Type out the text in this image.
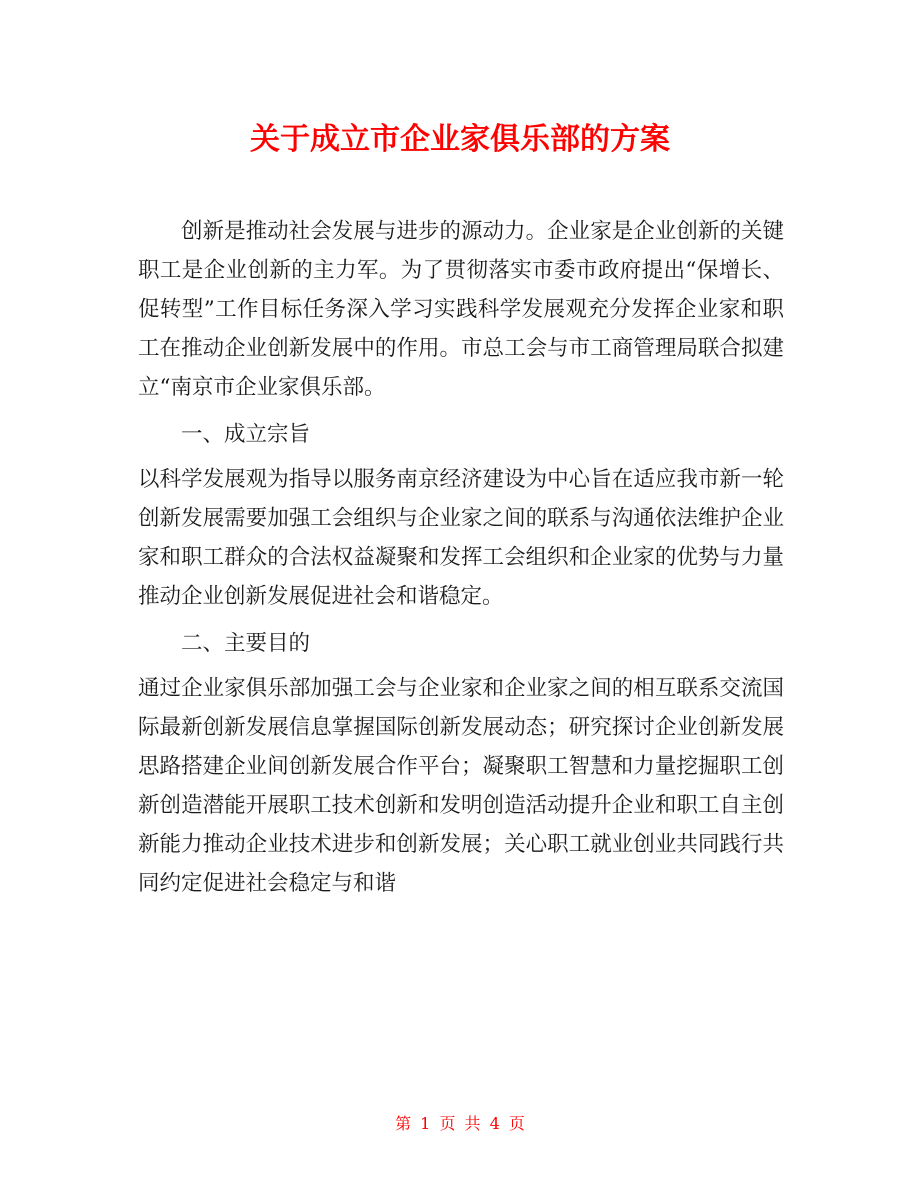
关于成立市企业家俱乐部的方案

创新是推动社会发展与进步的源动力。企业家是企业创新的关键职工是企业创新的主力军。为了贯彻落实市委市政府提出“保增长、促转型”工作目标任务深入学习实践科学发展观充分发挥企业家和职工在推动企业创新发展中的作用。市总工会与市工商管理局联合拟建立“南京市企业家俱乐部。

一、成立宗旨

以科学发展观为指导以服务南京经济建设为中心旨在适应我市新一轮创新发展需要加强工会组织与企业家之间的联系与沟通依法维护企业家和职工群众的合法权益凝聚和发挥工会组织和企业家的优势与力量推动企业创新发展促进社会和谐稳定。

二、主要目的

通过企业家俱乐部加强工会与企业家和企业家之间的相互联系交流国际最新创新发展信息掌握国际创新发展动态；研究探讨企业创新发展思路搭建企业间创新发展合作平台；凝聚职工智慧和力量挖掘职工创新创造潜能开展职工技术创新和发明创造活动提升企业和职工自主创新能力推动企业技术进步和创新发展；关心职工就业创业共同践行共同约定促进社会稳定与和谐

第 1 页 共 4 页
